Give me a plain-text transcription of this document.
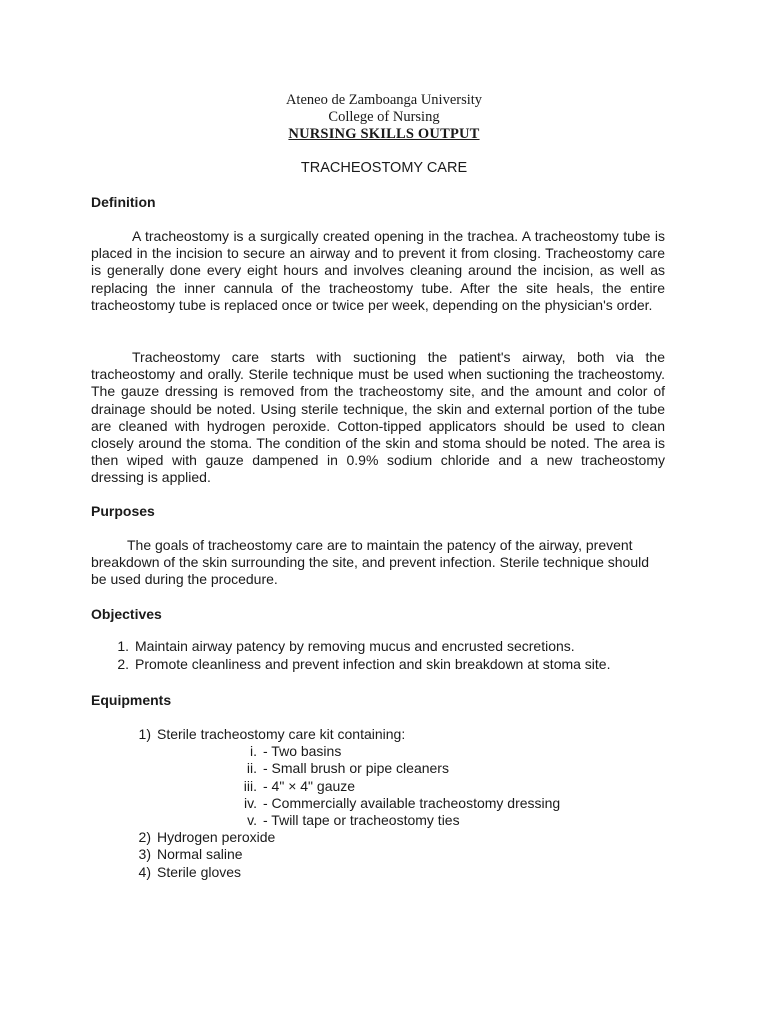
Ateneo de Zamboanga University
College of Nursing
NURSING SKILLS OUTPUT
TRACHEOSTOMY CARE
Definition

A tracheostomy is a surgically created opening in the trachea. A tracheostomy tube is placed in the incision to secure an airway and to prevent it from closing. Tracheostomy care is generally done every eight hours and involves cleaning around the incision, as well as replacing the inner cannula of the tracheostomy tube. After the site heals, the entire tracheostomy tube is replaced once or twice per week, depending on the physician's order.

Tracheostomy care starts with suctioning the patient's airway, both via the tracheostomy and orally. Sterile technique must be used when suctioning the tracheostomy. The gauze dressing is removed from the tracheostomy site, and the amount and color of drainage should be noted. Using sterile technique, the skin and external portion of the tube are cleaned with hydrogen peroxide. Cotton-tipped applicators should be used to clean closely around the stoma. The condition of the skin and stoma should be noted. The area is then wiped with gauze dampened in 0.9% sodium chloride and a new tracheostomy dressing is applied.

Purposes

The goals of tracheostomy care are to maintain the patency of the airway, prevent breakdown of the skin surrounding the site, and prevent infection. Sterile technique should be used during the procedure.

Objectives
1. Maintain airway patency by removing mucus and encrusted secretions.
2. Promote cleanliness and prevent infection and skin breakdown at stoma site.
Equipments
1) Sterile tracheostomy care kit containing:
i. - Two basins
ii. - Small brush or pipe cleaners
iii. - 4" × 4" gauze
iv. - Commercially available tracheostomy dressing
v. - Twill tape or tracheostomy ties
2) Hydrogen peroxide
3) Normal saline
4) Sterile gloves
